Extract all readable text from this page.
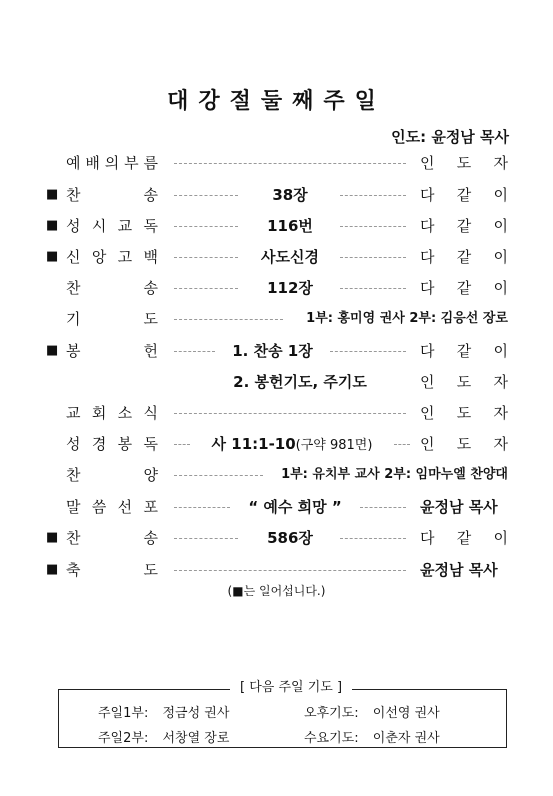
대강절둘째주일
인도: 윤정남 목사
예 배 의 부 름	인 도 자
■ 찬	송	38장	다 같 이
■ 성 시 교 독	116번	다 같 이
■ 신 앙 고 백	사도신경	다 같 이
찬	송	112장	다 같 이
기	도	1부: 홍미영 권사 2부: 김응선 장로
■ 봉	헌	1. 찬송 1장	다 같 이
2. 봉헌기도, 주기도	인 도 자
교 회 소 식	인 도 자
성 경 봉 독	사 11:1-10(구약 981면)	인 도 자
찬	양	1부: 유치부 교사 2부: 임마누엘 찬양대
말 씀 선 포	“ 예수 희망 ”	윤정남 목사
■ 찬	송	586장	다 같 이
■ 축	도	윤정남 목사
(■는 일어섭니다.)
[ 다음 주일 기도 ]
주일1부: 정금성 권사	오후기도: 이선영 권사
주일2부: 서창열 장로	수요기도: 이춘자 권사
